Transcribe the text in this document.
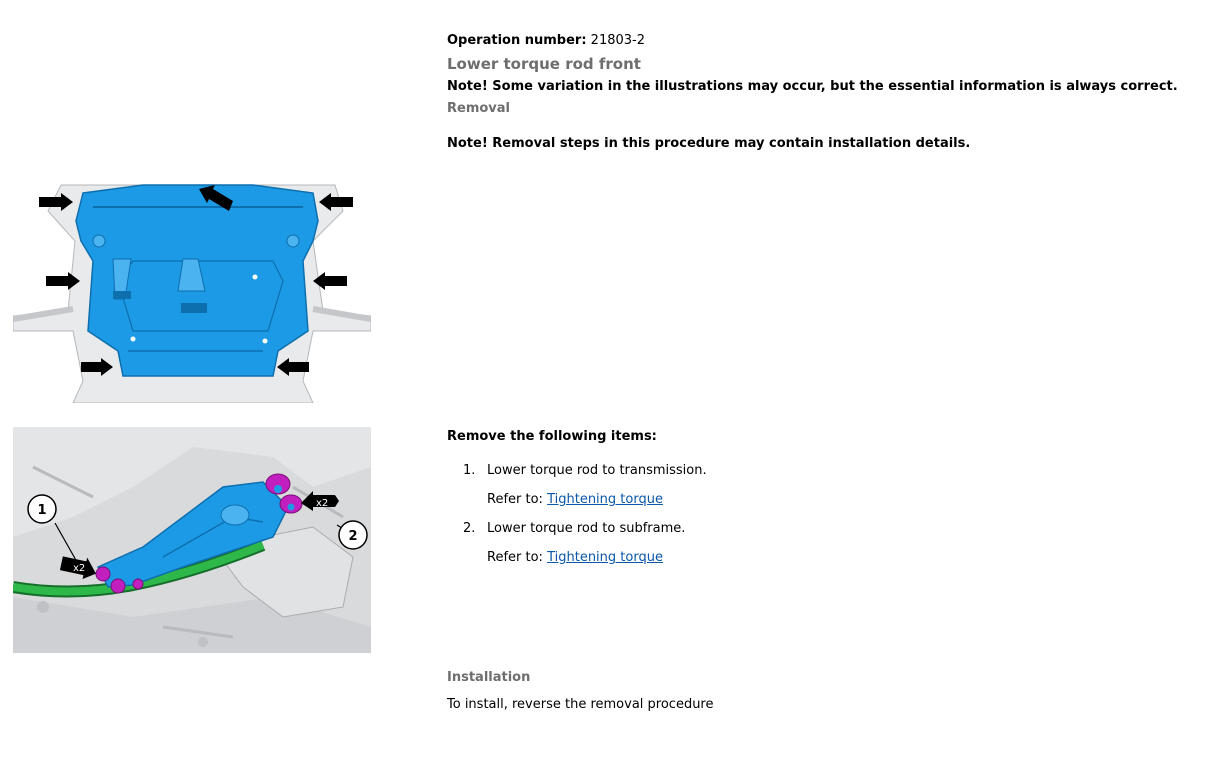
x2
x2
1
2
Operation number: 21803-2
Lower torque rod front
Note! Some variation in the illustrations may occur, but the essential information is always correct.
Removal
Note! Removal steps in this procedure may contain installation details.
Remove the following items:
1. Lower torque rod to transmission.
Refer to: Tightening torque
2. Lower torque rod to subframe.
Refer to: Tightening torque
Installation
To install, reverse the removal procedure
